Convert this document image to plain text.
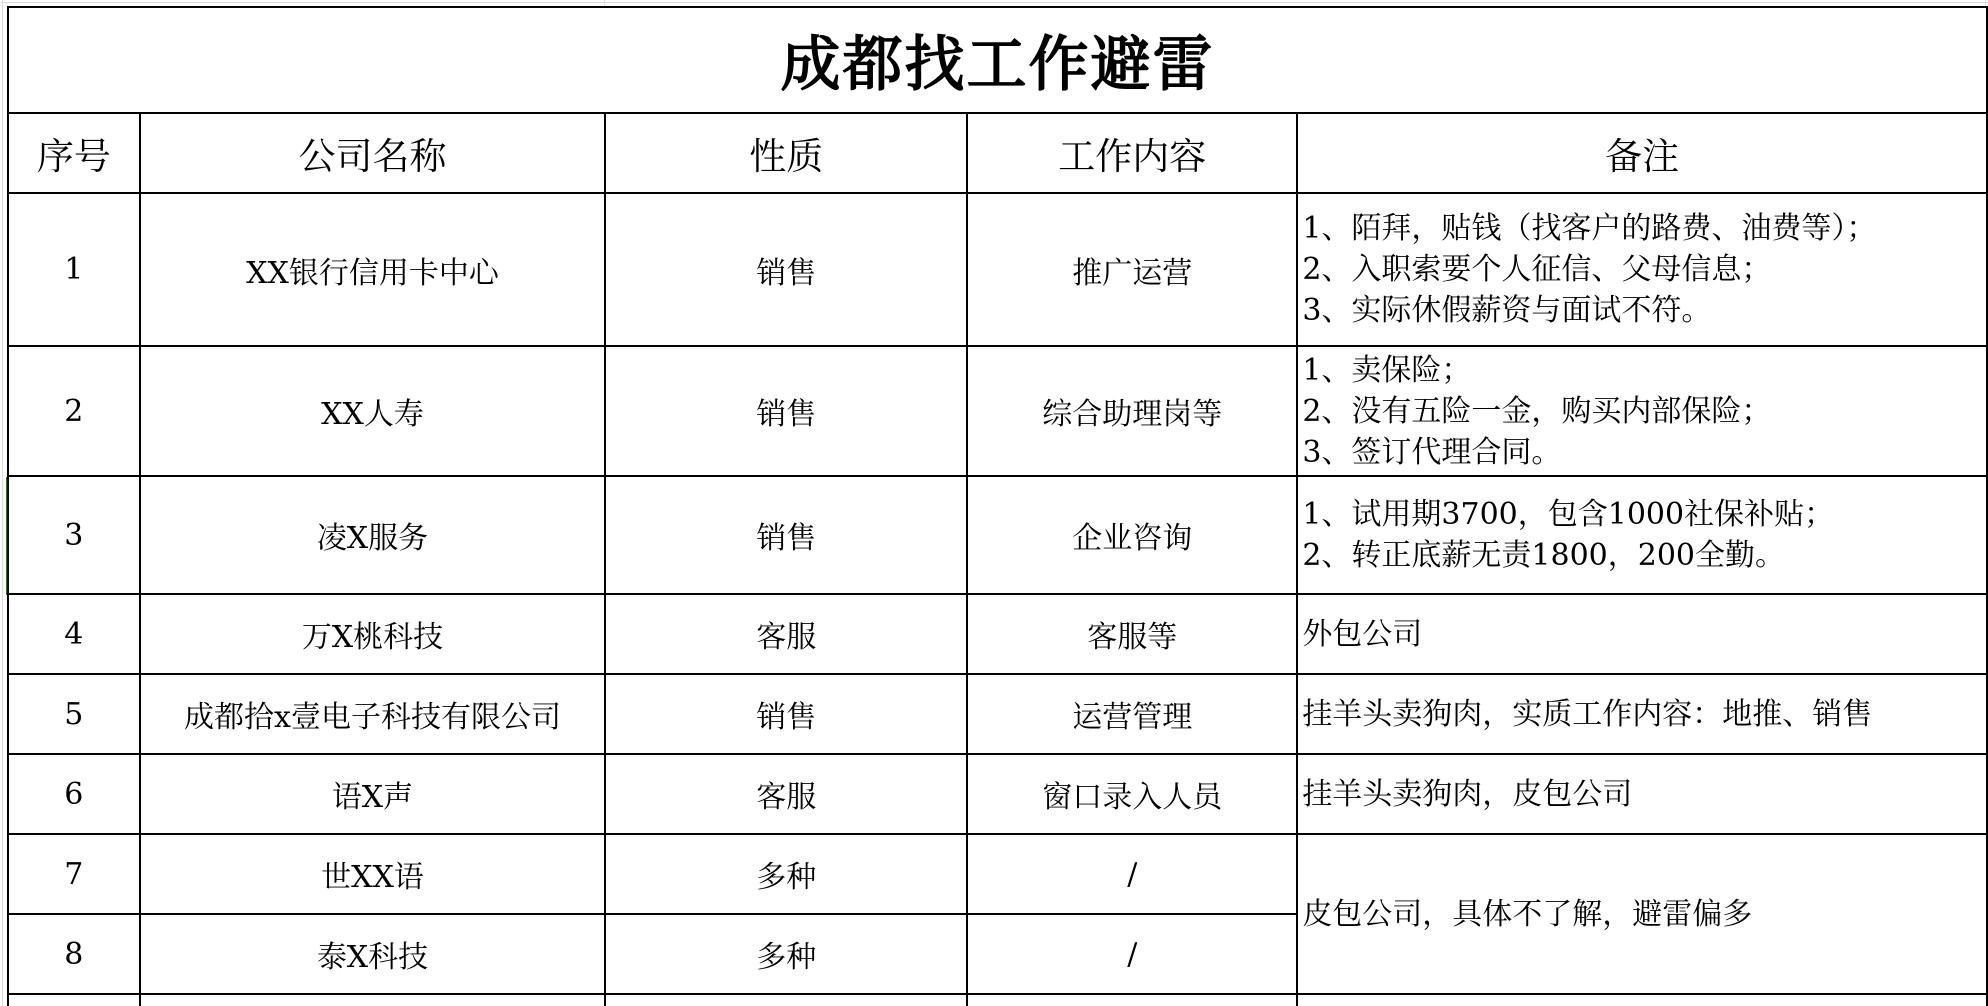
成都找工作避雷				
序号	公司名称	性质	工作内容	备注
1	XX银行信用卡中心	销售	推广运营	1、陌拜，贴钱（找客户的路费、油费等）；
2、入职索要个人征信、父母信息；
3、实际休假薪资与面试不符。

2	XX人寿	销售	综合助理岗等	1、卖保险；
2、没有五险一金，购买内部保险；
3、签订代理合同。

3	凌X服务	销售	企业咨询	1、试用期3700，包含1000社保补贴；
2、转正底薪无责1800，200全勤。

4	万X桃科技	客服	客服等	外包公司

5	成都拾x壹电子科技有限公司	销售	运营管理	挂羊头卖狗肉，实质工作内容：地推、销售

6	语X声	客服	窗口录入人员	挂羊头卖狗肉，皮包公司

7	世XX语	多种	/	皮包公司，具体不了解，避雷偏多

8	泰X科技	多种	/	
